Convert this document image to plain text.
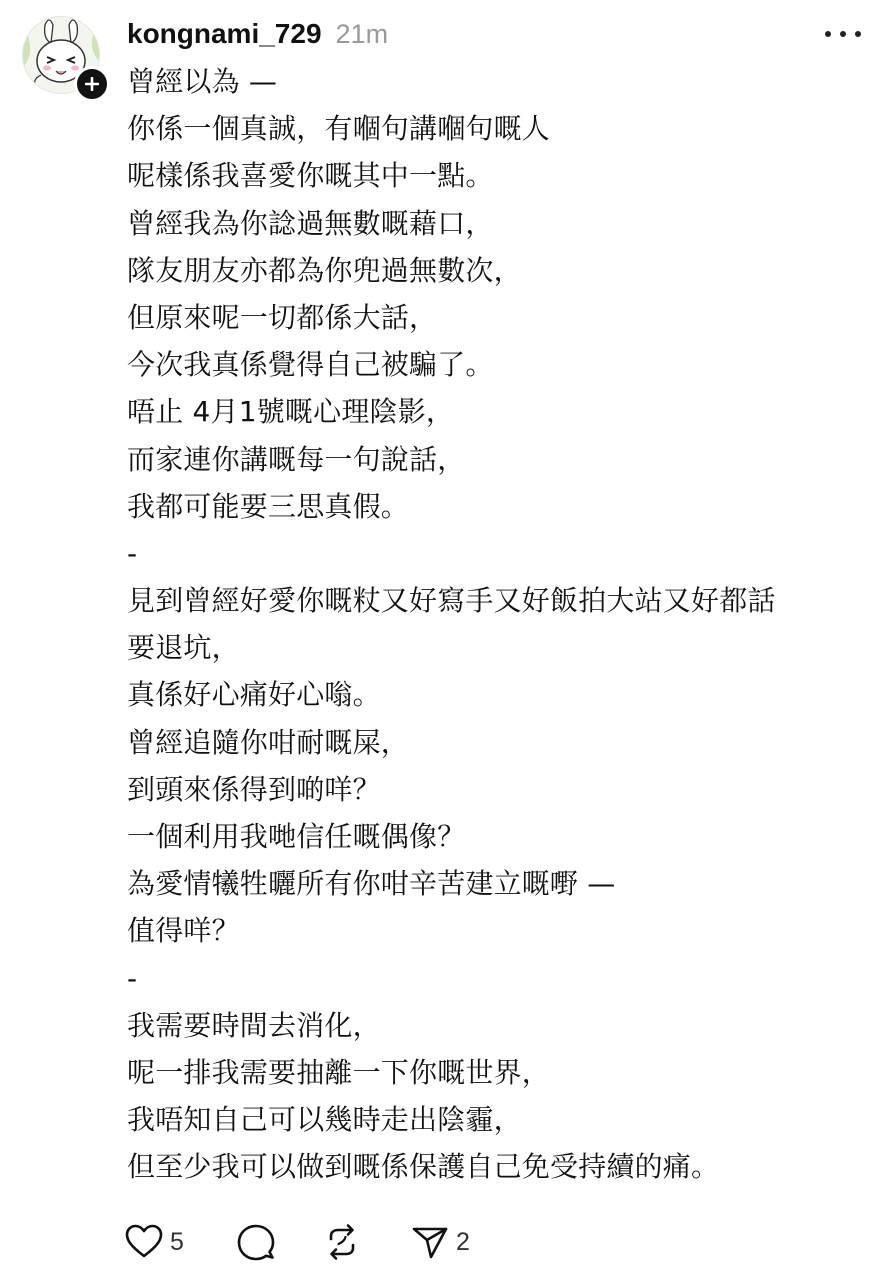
kongnami_729 21m
曾經以為 —
你係一個真誠，有嗰句講嗰句嘅人
呢樣係我喜愛你嘅其中一點。
曾經我為你諗過無數嘅藉口，
隊友朋友亦都為你兜過無數次，
但原來呢一切都係大話，
今次我真係覺得自己被騙了。
唔止 4月1號嘅心理陰影，
而家連你講嘅每一句說話，
我都可能要三思真假。
-
見到曾經好愛你嘅粀又好寫手又好飯拍大站又好都話
要退坑，
真係好心痛好心嗡。
曾經追隨你咁耐嘅屎，
到頭來係得到啲咩？
一個利用我哋信任嘅偶像？
為愛情犧牲曬所有你咁辛苦建立嘅嘢 —
值得咩？
-
我需要時間去消化，
呢一排我需要抽離一下你嘅世界，
我唔知自己可以幾時走出陰霾，
但至少我可以做到嘅係保護自己免受持續的痛。
5	2
